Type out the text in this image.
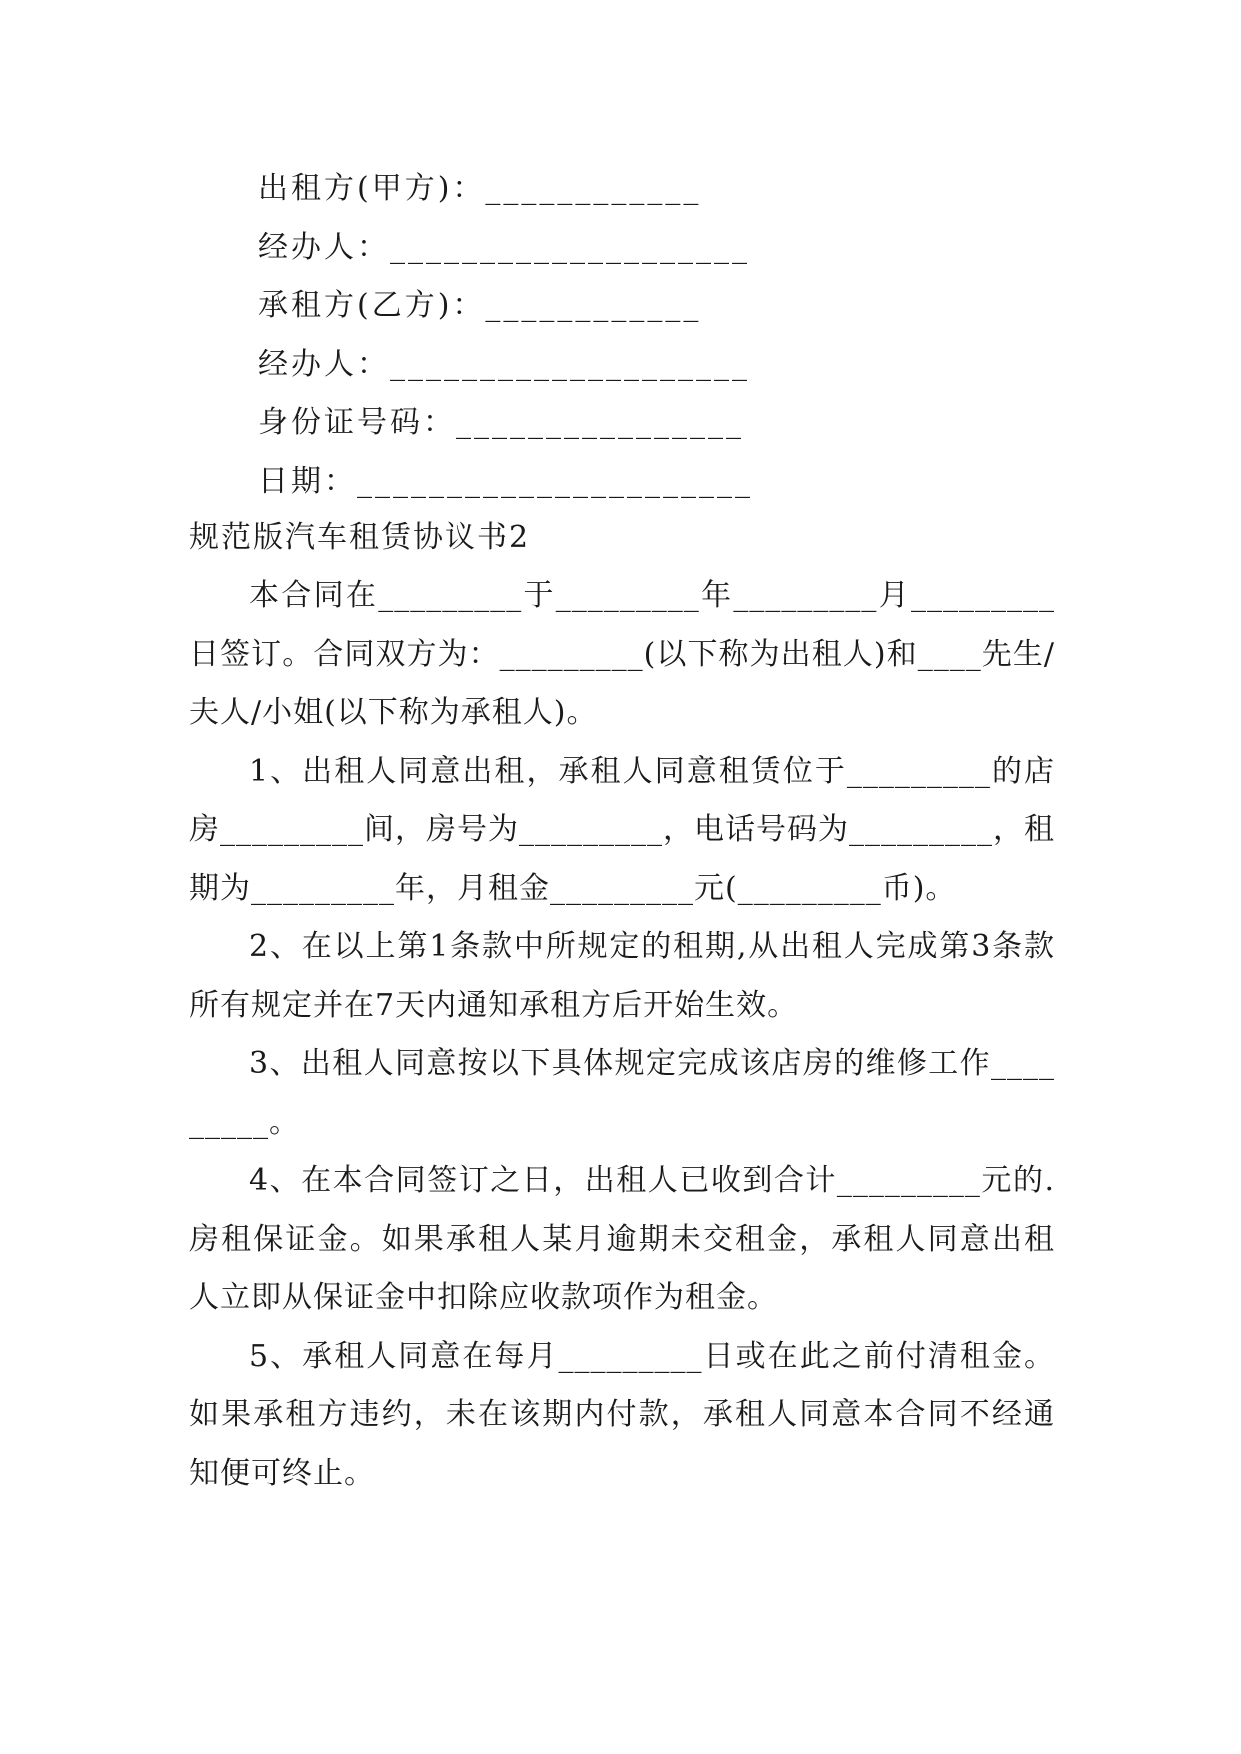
出租方(甲方)：____________
经办人：____________________
承租方(乙方)：____________
经办人：____________________
身份证号码：________________
日期：______________________
规范版汽车租赁协议书2

本合同在_________于_________年_________月_________日签订。合同双方为：_________(以下称为出租人)和____先生/夫人/小姐(以下称为承租人)。

1、出租人同意出租，承租人同意租赁位于_________的店房_________间，房号为_________，电话号码为_________，租期为_________年，月租金_________元(_________币)。

2、在以上第1条款中所规定的租期,从出租人完成第3条款所有规定并在7天内通知承租方后开始生效。

3、出租人同意按以下具体规定完成该店房的维修工作_________。

4、在本合同签订之日，出租人已收到合计_________元的.房租保证金。如果承租人某月逾期未交租金，承租人同意出租人立即从保证金中扣除应收款项作为租金。

5、承租人同意在每月_________日或在此之前付清租金。如果承租方违约，未在该期内付款，承租人同意本合同不经通知便可终止。
